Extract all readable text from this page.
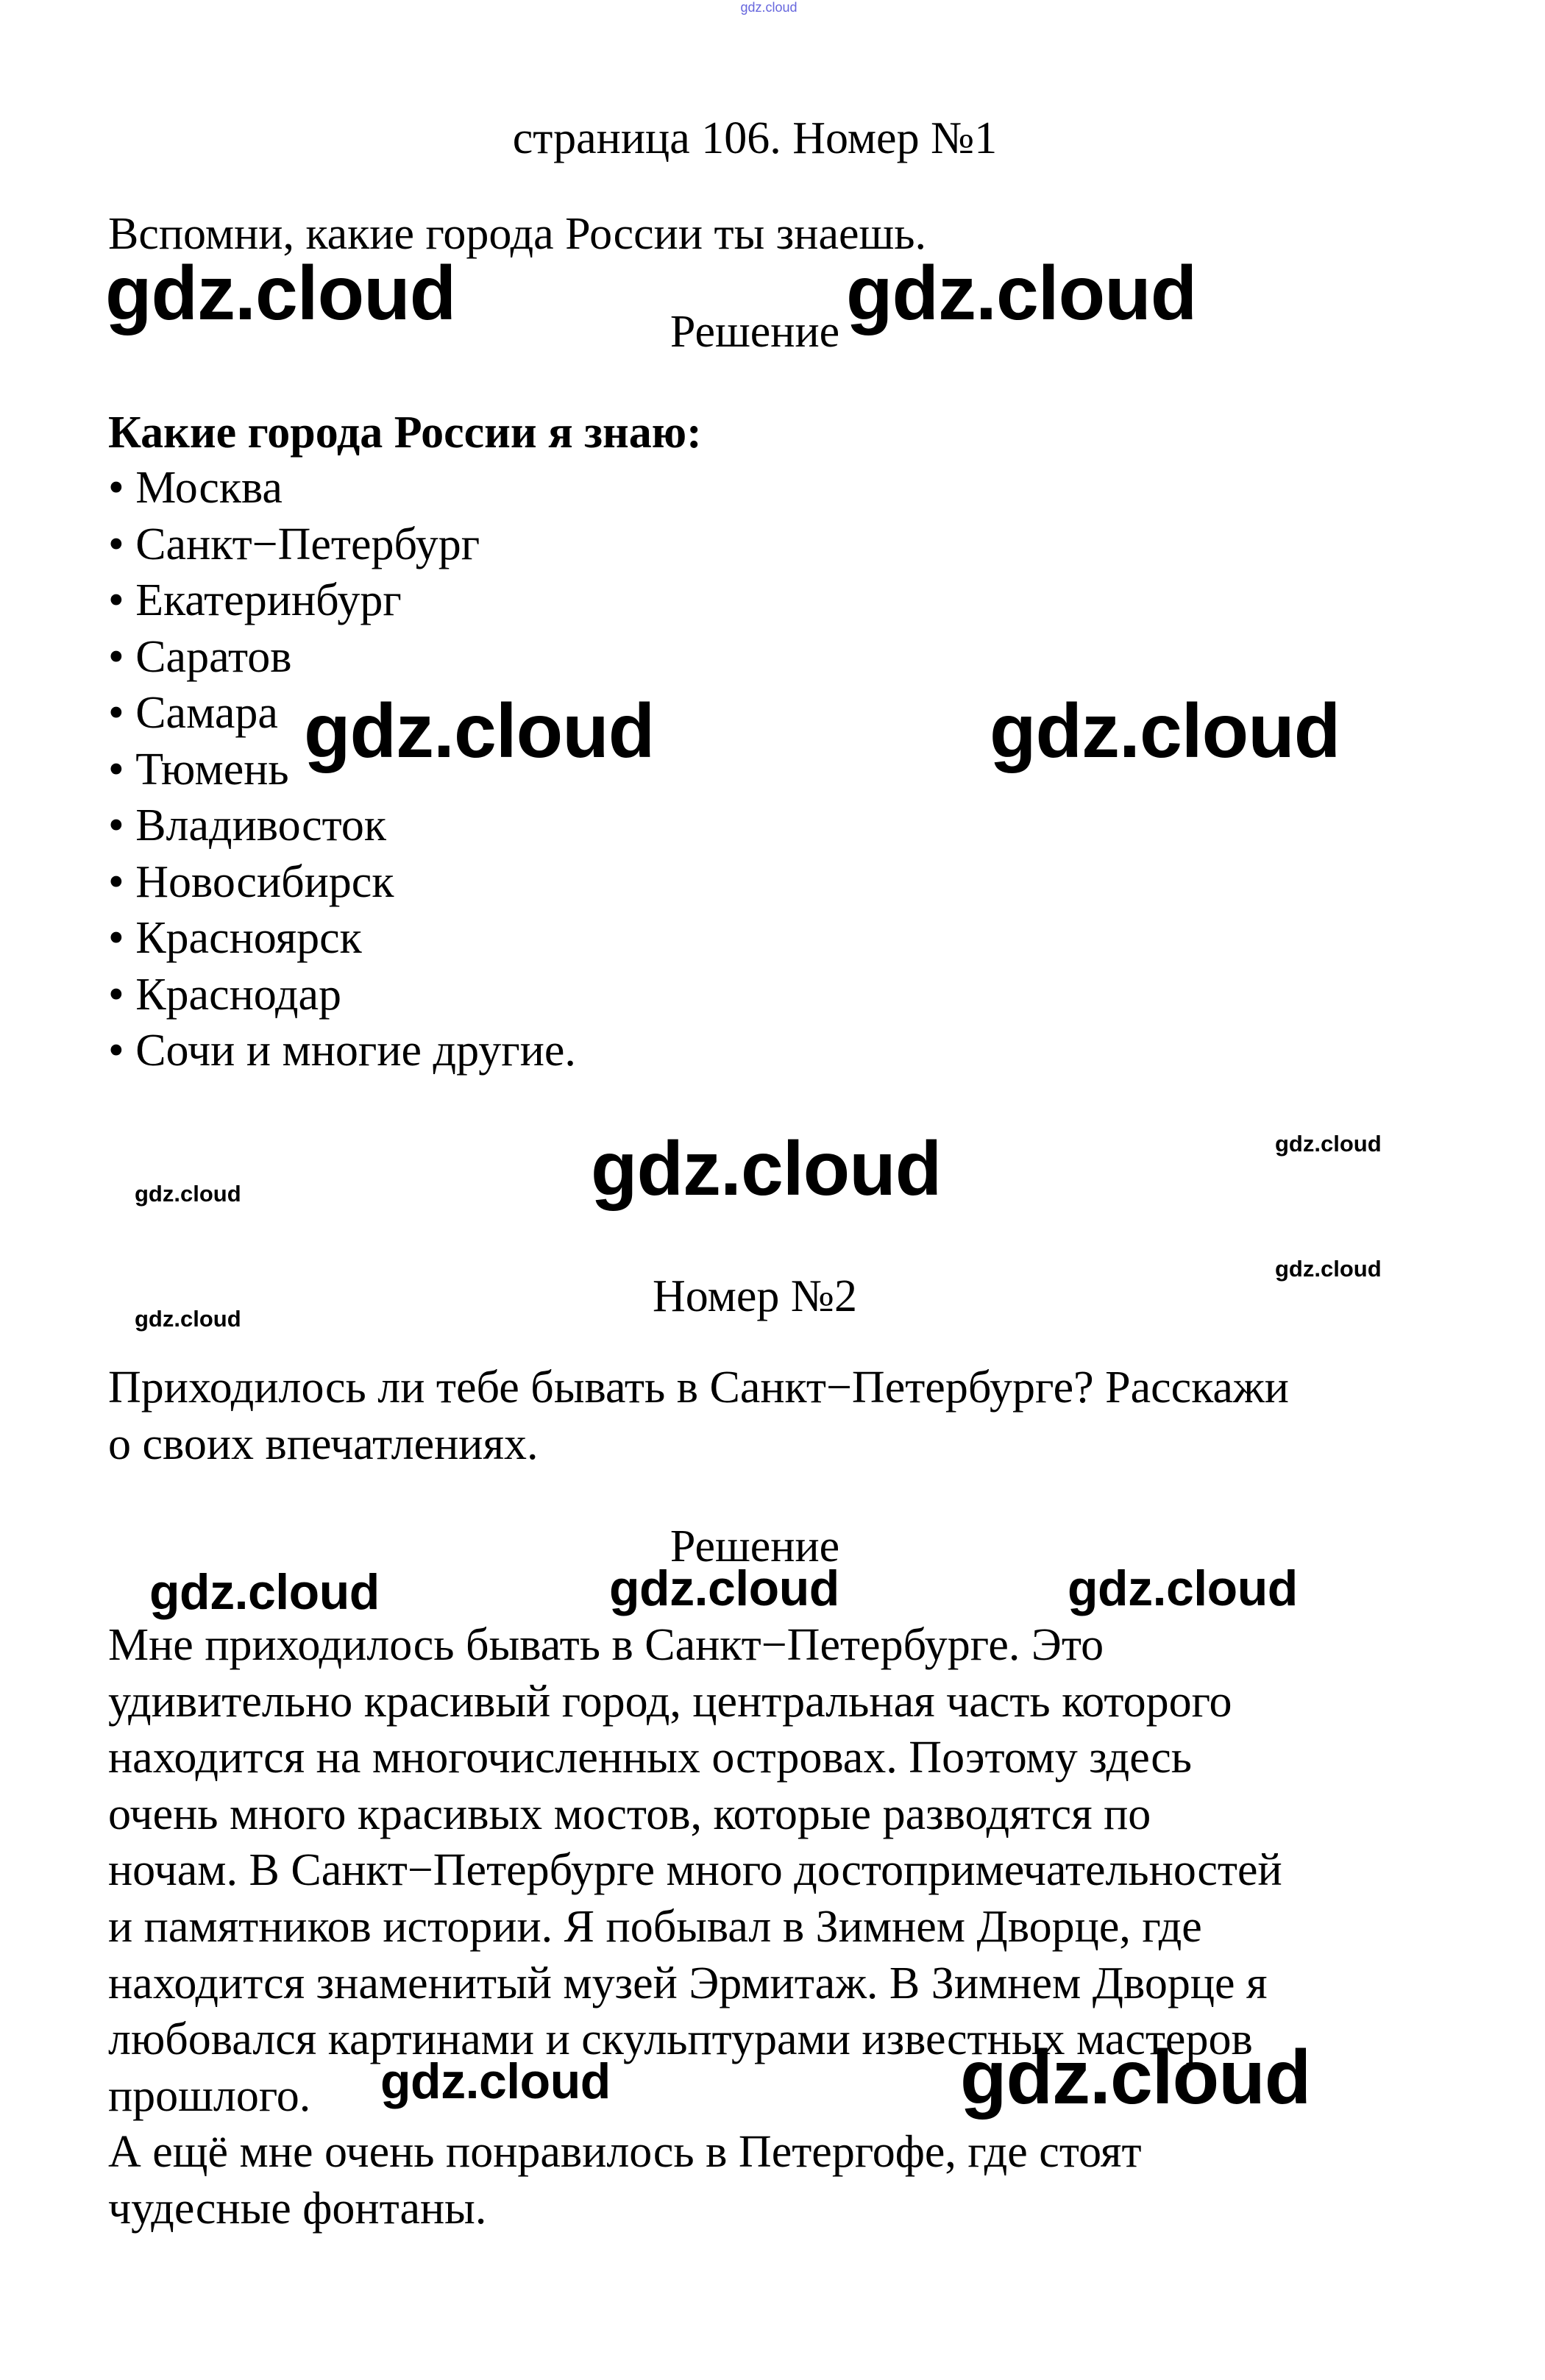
gdz.cloud
страница 106. Номер №1
Вспомни, какие города России ты знаешь.
Решение
Какие города России я знаю:
• Москва
• Санкт−Петербург
• Екатеринбург
• Саратов
• Самара
• Тюмень
• Владивосток
• Новосибирск
• Красноярск
• Краснодар
• Сочи и многие другие.
Номер №2
Приходилось ли тебе бывать в Санкт−Петербурге? Расскажи
о своих впечатлениях.
Решение
Мне приходилось бывать в Санкт−Петербурге. Это
удивительно красивый город, центральная часть которого
находится на многочисленных островах. Поэтому здесь
очень много красивых мостов, которые разводятся по
ночам. В Санкт−Петербурге много достопримечательностей
и памятников истории. Я побывал в Зимнем Дворце, где
находится знаменитый музей Эрмитаж. В Зимнем Дворце я
любовался картинами и скульптурами известных мастеров
прошлого.
А ещё мне очень понравилось в Петергофе, где стоят
чудесные фонтаны.
gdz.cloud	gdz.cloud
gdz.cloud	gdz.cloud
gdz.cloud
gdz.cloud
gdz.cloud
gdz.cloud
gdz.cloud
gdz.cloud	gdz.cloud	gdz.cloud
gdz.cloud	gdz.cloud
